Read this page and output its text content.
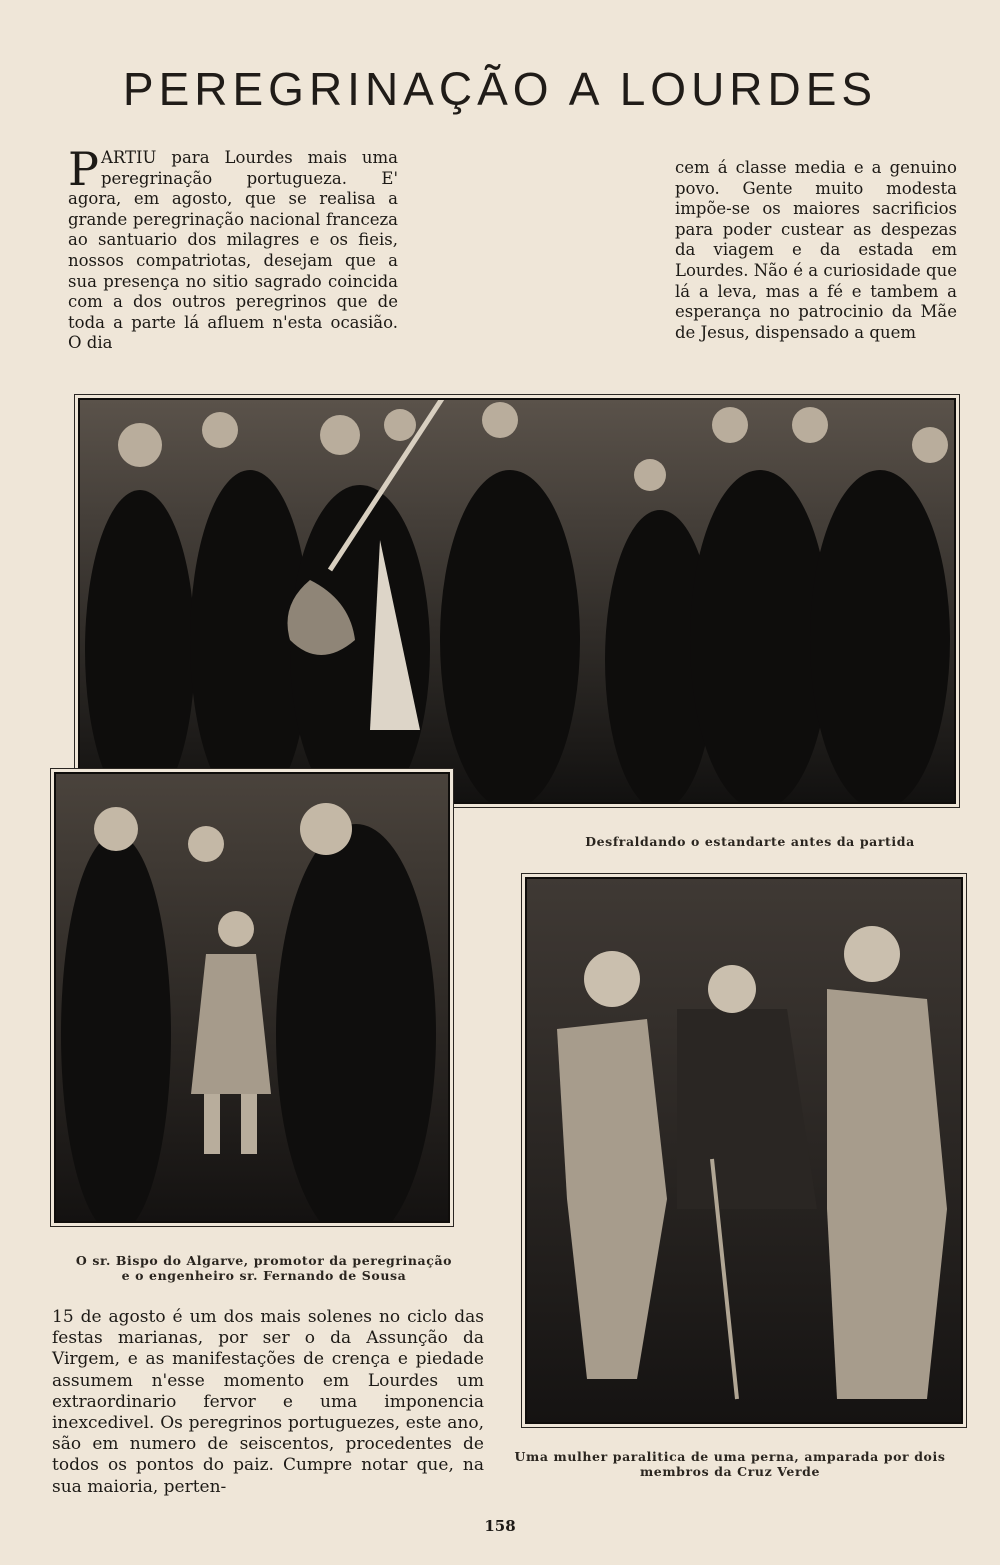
PEREGRINAÇÃO A LOURDES
PARTIU para Lourdes mais uma peregrinação portugueza. E' agora, em agosto, que se realisa a grande peregrinação nacional franceza ao santuario dos milagres e os fieis, nossos compatriotas, desejam que a sua presença no sitio sagrado coincida com a dos outros peregrinos que de toda a parte lá afluem n'esta ocasião. O dia
cem á classe media e a genuino povo. Gente muito modesta impõe-se os maiores sacrificios para poder custear as despezas da viagem e da estada em Lourdes. Não é a curiosidade que lá a leva, mas a fé e tambem a esperança no patrocinio da Mãe de Jesus, dispensado a quem
Desfraldando o estandarte antes da partida
O sr. Bispo do Algarve, promotor da peregrinação
e o engenheiro sr. Fernando de Sousa
Uma mulher paralitica de uma perna, amparada por dois
membros da Cruz Verde
15 de agosto é um dos mais solenes no ciclo das festas marianas, por ser o da Assunção da Virgem, e as manifestações de crença e piedade assumem n'esse momento em Lourdes um extraordinario fervor e uma imponencia inexcedivel. Os peregrinos portuguezes, este ano, são em numero de seiscentos, procedentes de todos os pontos do paiz. Cumpre notar que, na sua maioria, perten-
158
